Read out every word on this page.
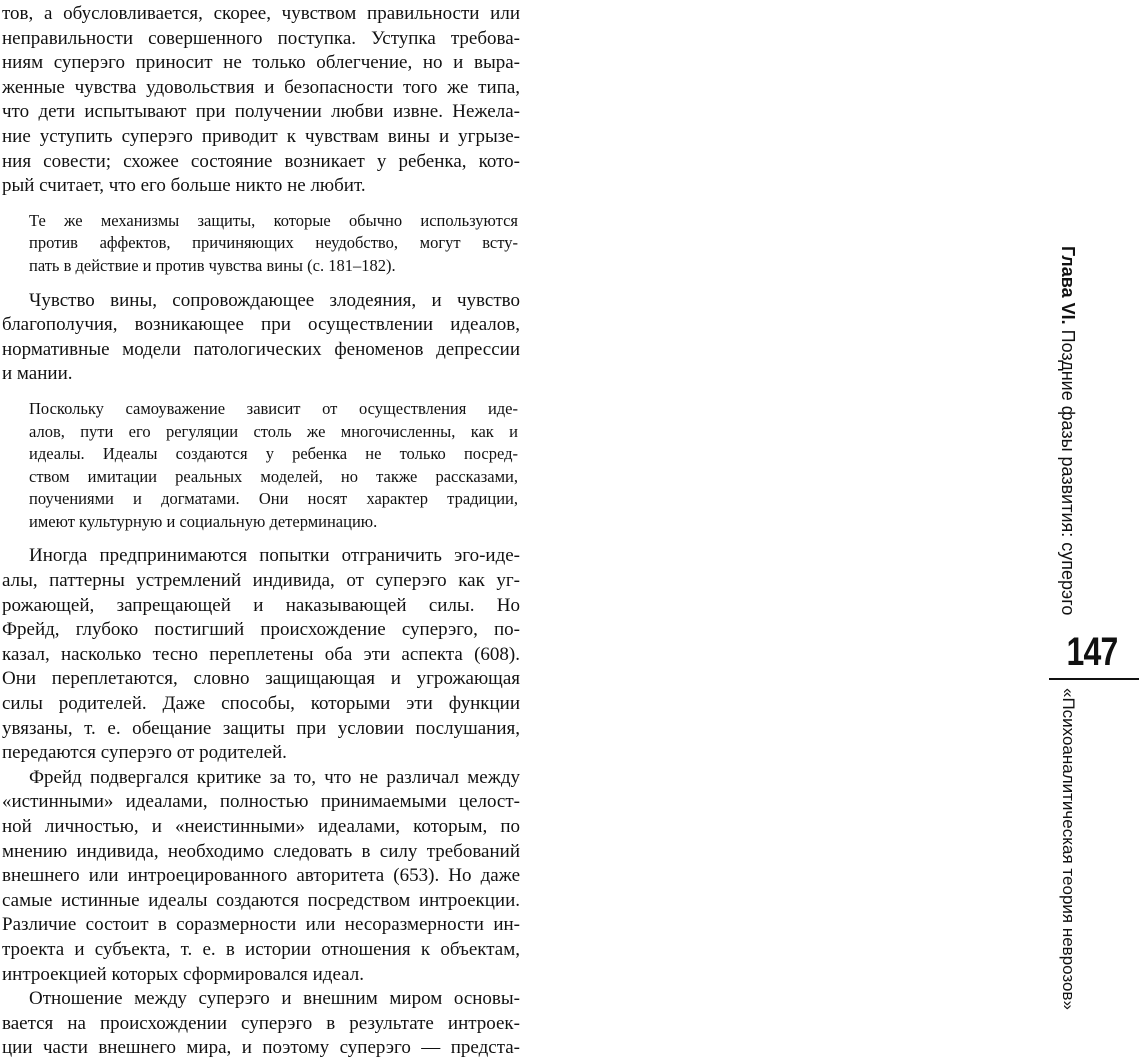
тов, а обусловливается, скорее, чувством правильности или
неправильности совершенного поступка. Уступка требова-
ниям суперэго приносит не только облегчение, но и выра-
женные чувства удовольствия и безопасности того же типа,
что дети испытывают при получении любви извне. Нежела-
ние уступить суперэго приводит к чувствам вины и угрызе-
ния совести; схожее состояние возникает у ребенка, кото-
рый считает, что его больше никто не любит.
Те же механизмы защиты, которые обычно используются
против аффектов, причиняющих неудобство, могут всту-
пать в действие и против чувства вины (с. 181–182).
Чувство вины, сопровождающее злодеяния, и чувство
благополучия, возникающее при осуществлении идеалов,
нормативные модели патологических феноменов депрессии
и мании.
Поскольку самоуважение зависит от осуществления иде-
алов, пути его регуляции столь же многочисленны, как и
идеалы. Идеалы создаются у ребенка не только посред-
ством имитации реальных моделей, но также рассказами,
поучениями и догматами. Они носят характер традиции,
имеют культурную и социальную детерминацию.
Иногда предпринимаются попытки отграничить эго-иде-
алы, паттерны устремлений индивида, от суперэго как уг-
рожающей, запрещающей и наказывающей силы. Но
Фрейд, глубоко постигший происхождение суперэго, по-
казал, насколько тесно переплетены оба эти аспекта (608).
Они переплетаются, словно защищающая и угрожающая
силы родителей. Даже способы, которыми эти функции
увязаны, т. е. обещание защиты при условии послушания,
передаются суперэго от родителей.
Фрейд подвергался критике за то, что не различал между
«истинными» идеалами, полностью принимаемыми целост-
ной личностью, и «неистинными» идеалами, которым, по
мнению индивида, необходимо следовать в силу требований
внешнего или интроецированного авторитета (653). Но даже
самые истинные идеалы создаются посредством интроекции.
Различие состоит в соразмерности или несоразмерности ин-
троекта и субъекта, т. е. в истории отношения к объектам,
интроекцией которых сформировался идеал.
Отношение между суперэго и внешним миром основы-
вается на происхождении суперэго в результате интроек-
ции части внешнего мира, и поэтому суперэго — предста-
Глава VI. Поздние фазы развития: суперэго
147
«Психоаналитическая теория неврозов»
